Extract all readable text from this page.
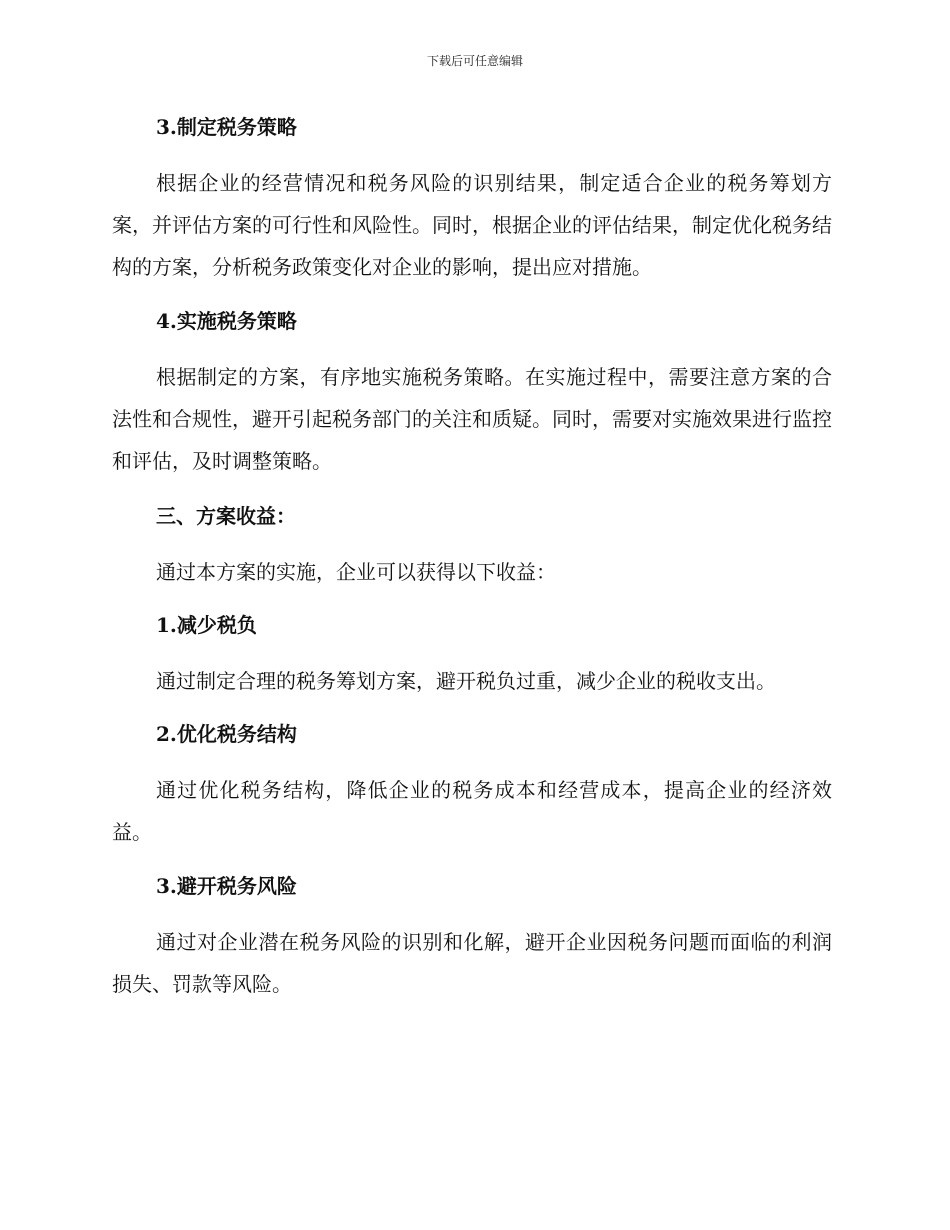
下载后可任意编辑
3.制定税务策略

根据企业的经营情况和税务风险的识别结果，制定适合企业的税务筹划方案，并评估方案的可行性和风险性。同时，根据企业的评估结果，制定优化税务结构的方案，分析税务政策变化对企业的影响，提出应对措施。

4.实施税务策略

根据制定的方案，有序地实施税务策略。在实施过程中，需要注意方案的合法性和合规性，避开引起税务部门的关注和质疑。同时，需要对实施效果进行监控和评估，及时调整策略。

三、方案收益：

通过本方案的实施，企业可以获得以下收益：

1.减少税负

通过制定合理的税务筹划方案，避开税负过重，减少企业的税收支出。

2.优化税务结构

通过优化税务结构，降低企业的税务成本和经营成本，提高企业的经济效益。

3.避开税务风险

通过对企业潜在税务风险的识别和化解，避开企业因税务问题而面临的利润损失、罚款等风险。
